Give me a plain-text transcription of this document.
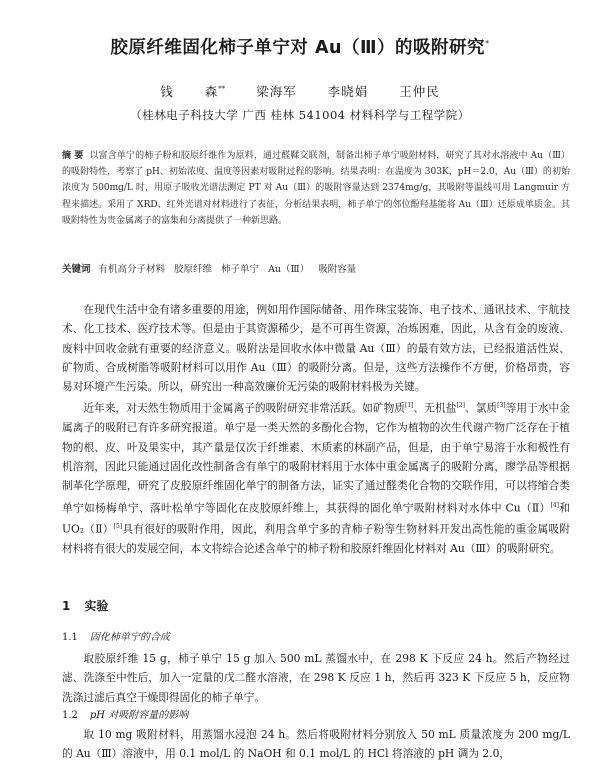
胶原纤维固化柿子单宁对 Au（Ⅲ）的吸附研究*
钱 森** 梁海军 李晓娟 王仲民
（桂林电子科技大学 广西 桂林 541004 材料科学与工程学院）
摘 要 以富含单宁的柿子粉和胶原纤维作为原料，通过醛鞣交联剂，制备出柿子单宁吸附材料，研究了其对水溶液中 Au（Ⅲ）的吸附特性，考察了 pH、初始浓度、温度等因素对吸附过程的影响。结果表明：在温度为 303K，pH＝2.0，Au（Ⅲ）的初始浓度为 500mg/L 时，用原子吸收光谱法测定 PT 对 Au（Ⅲ）的吸附容量达到 2374mg/g，其吸附等温线可用 Langmuir 方程来描述。采用了 XRD、红外光谱对材料进行了表征，分析结果表明，柿子单宁的邻位酚羟基能将 Au（Ⅲ）还原成单质金。其吸附特性为贵金属离子的富集和分离提供了一种新思路。
关键词 有机高分子材料 胶原纤维 柿子单宁 Au（Ⅲ） 吸附容量

在现代生活中金有诸多重要的用途，例如用作国际储备、用作珠宝装饰、电子技术、通讯技术、宇航技术、化工技术、医疗技术等。但是由于其资源稀少，是不可再生资源，冶炼困难，因此，从含有金的废液、废料中回收金就有重要的经济意义。吸附法是回收水体中微量 Au（Ⅲ）的最有效方法，已经报道活性炭、矿物质、合成树脂等吸附材料可以用作 Au（Ⅲ）的吸附分离。但是，这些方法操作不方便，价格昂贵，容易对环境产生污染。所以，研究出一种高效廉价无污染的吸附材料极为关键。

近年来，对天然生物质用于金属离子的吸附研究非常活跃。如矿物质[1]、无机盐[2]、氯质[3]等用于水中金属离子的吸附已有许多研究报道。单宁是一类天然的多酚化合物，它作为植物的次生代谢产物广泛存在于植物的根、皮、叶及果实中，其产量是仅次于纤维素、木质素的林副产品，但是，由于单宁易溶于水和极性有机溶剂，因此只能通过固化改性制备含有单宁的吸附材料用于水体中重金属离子的吸附分离，廖学品等根据制革化学原理，研究了皮胶原纤维固化单宁的制备方法，证实了通过醛类化合物的交联作用，可以将缩合类单宁如杨梅单宁、落叶松单宁等固化在皮胶原纤维上，其获得的固化单宁吸附材料对水体中 Cu（Ⅱ）[4]和 UO₂（Ⅱ）[5]具有很好的吸附作用，因此，利用含单宁多的青柿子粉等生物材料开发出高性能的重金属吸附材料将有很大的发展空间，本文将综合论述含单宁的柿子粉和胶原纤维固化材料对 Au（Ⅲ）的吸附研究。

1 实验
1.1 固化柿单宁的合成

取胶原纤维 15 g，柿子单宁 15 g 加入 500 mL 蒸馏水中，在 298 K 下反应 24 h。然后产物经过滤、洗涤至中性后，加入一定量的戊二醛水溶液，在 298 K 反应 1 h，然后再 323 K 下反应 5 h，反应物洗涤过滤后真空干燥即得固化的柿子单宁。

1.2 pH 对吸附容量的影响

取 10 mg 吸附材料，用蒸馏水浸泡 24 h。然后将吸附材料分别放入 50 mL 质量浓度为 200 mg/L 的 Au（Ⅲ）溶液中，用 0.1 mol/L 的 NaOH 和 0.1 mol/L 的 HCl 将溶液的 pH 调为 2.0，
